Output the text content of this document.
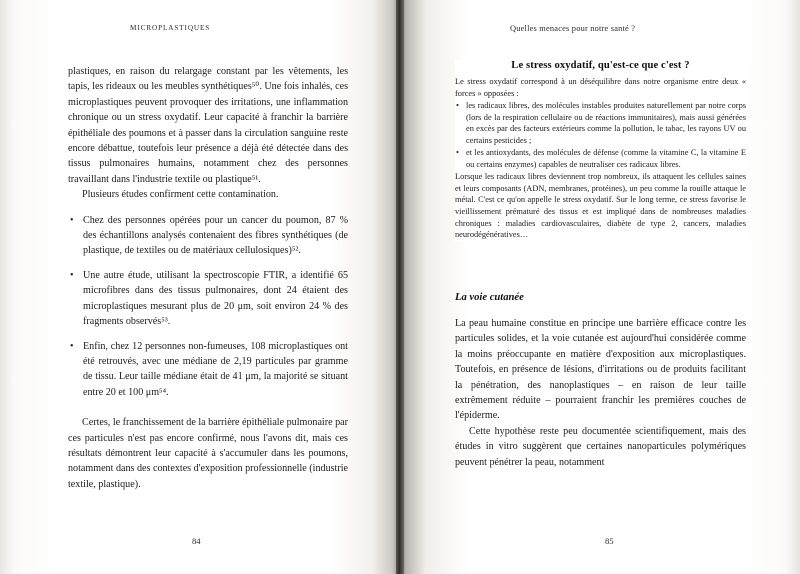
MICROPLASTIQUES

plastiques, en raison du relargage constant par les vêtements, les tapis, les rideaux ou les meubles synthétiques⁵⁰. Une fois inhalés, ces microplastiques peuvent provoquer des irritations, une inflammation chronique ou un stress oxydatif. Leur capacité à franchir la barrière épithéliale des poumons et à passer dans la circulation sanguine reste encore débattue, toutefois leur présence a déjà été détectée dans des tissus pulmonaires humains, notamment chez des personnes travaillant dans l'industrie textile ou plastique⁵¹.

Plusieurs études confirment cette contamination.

• Chez des personnes opérées pour un cancer du poumon, 87 % des échantillons analysés contenaient des fibres synthétiques (de plastique, de textiles ou de matériaux cellulosiques)⁵².
• Une autre étude, utilisant la spectroscopie FTIR, a identifié 65 microfibres dans des tissus pulmonaires, dont 24 étaient des microplastiques mesurant plus de 20 μm, soit environ 24 % des fragments observés⁵³.
• Enfin, chez 12 personnes non-fumeuses, 108 microplastiques ont été retrouvés, avec une médiane de 2,19 particules par gramme de tissu. Leur taille médiane était de 41 μm, la majorité se situant entre 20 et 100 μm⁵⁴.

Certes, le franchissement de la barrière épithéliale pulmonaire par ces particules n'est pas encore confirmé, nous l'avons dit, mais ces résultats démontrent leur capacité à s'accumuler dans les poumons, notamment dans des contextes d'exposition professionnelle (industrie textile, plastique).

84
Quelles menaces pour notre santé ?
Le stress oxydatif, qu'est-ce que c'est ?

Le stress oxydatif correspond à un déséquilibre dans notre organisme entre deux « forces » opposées :

• les radicaux libres, des molécules instables produites naturellement par notre corps (lors de la respiration cellulaire ou de réactions immunitaires), mais aussi générées en excès par des facteurs extérieurs comme la pollution, le tabac, les rayons UV ou certains pesticides ;
• et les antioxydants, des molécules de défense (comme la vitamine C, la vitamine E ou certains enzymes) capables de neutraliser ces radicaux libres.

Lorsque les radicaux libres deviennent trop nombreux, ils attaquent les cellules saines et leurs composants (ADN, membranes, protéines), un peu comme la rouille attaque le métal. C'est ce qu'on appelle le stress oxydatif. Sur le long terme, ce stress favorise le vieillissement prématuré des tissus et est impliqué dans de nombreuses maladies chroniques : maladies cardiovasculaires, diabète de type 2, cancers, maladies neurodégénératives…

La voie cutanée

La peau humaine constitue en principe une barrière efficace contre les particules solides, et la voie cutanée est aujourd'hui considérée comme la moins préoccupante en matière d'exposition aux microplastiques. Toutefois, en présence de lésions, d'irritations ou de produits facilitant la pénétration, des nanoplastiques – en raison de leur taille extrêmement réduite – pourraient franchir les premières couches de l'épiderme.

Cette hypothèse reste peu documentée scientifiquement, mais des études in vitro suggèrent que certaines nanoparticules polymériques peuvent pénétrer la peau, notamment

85
